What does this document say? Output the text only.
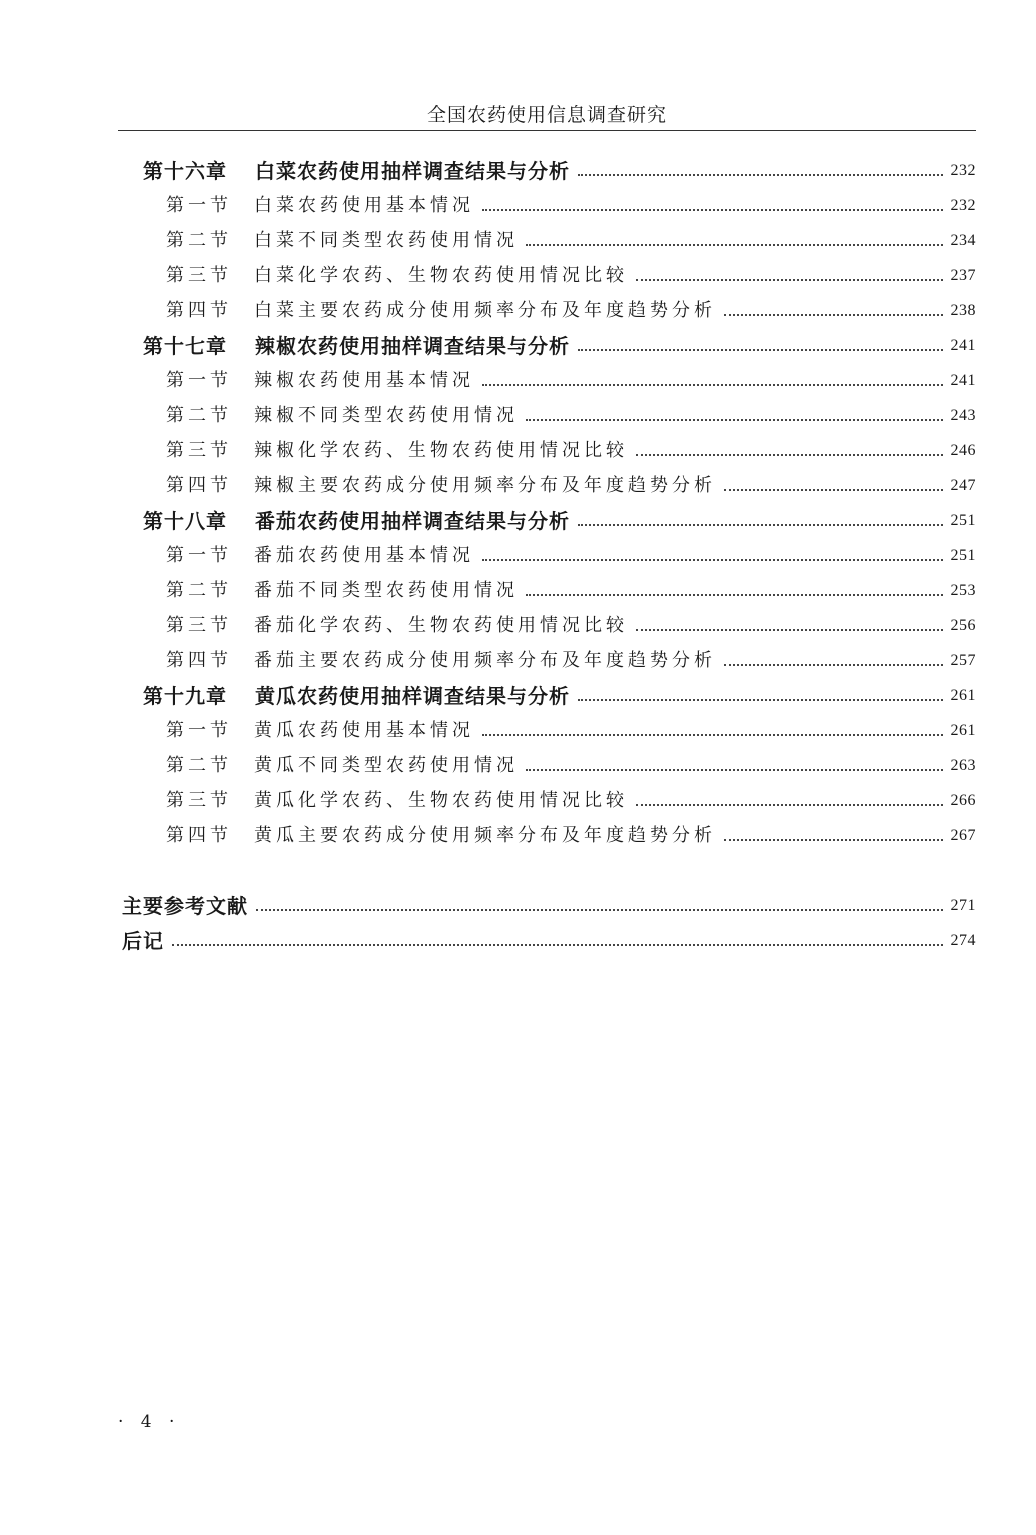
全国农药使用信息调查研究
第十六章	白菜农药使用抽样调查结果与分析	232
第一节	白菜农药使用基本情况	232
第二节	白菜不同类型农药使用情况	234
第三节	白菜化学农药、生物农药使用情况比较	237
第四节	白菜主要农药成分使用频率分布及年度趋势分析	238
第十七章	辣椒农药使用抽样调查结果与分析	241
第一节	辣椒农药使用基本情况	241
第二节	辣椒不同类型农药使用情况	243
第三节	辣椒化学农药、生物农药使用情况比较	246
第四节	辣椒主要农药成分使用频率分布及年度趋势分析	247
第十八章	番茄农药使用抽样调查结果与分析	251
第一节	番茄农药使用基本情况	251
第二节	番茄不同类型农药使用情况	253
第三节	番茄化学农药、生物农药使用情况比较	256
第四节	番茄主要农药成分使用频率分布及年度趋势分析	257
第十九章	黄瓜农药使用抽样调查结果与分析	261
第一节	黄瓜农药使用基本情况	261
第二节	黄瓜不同类型农药使用情况	263
第三节	黄瓜化学农药、生物农药使用情况比较	266
第四节	黄瓜主要农药成分使用频率分布及年度趋势分析	267
主要参考文献	271
后记	274
· 4 ·
